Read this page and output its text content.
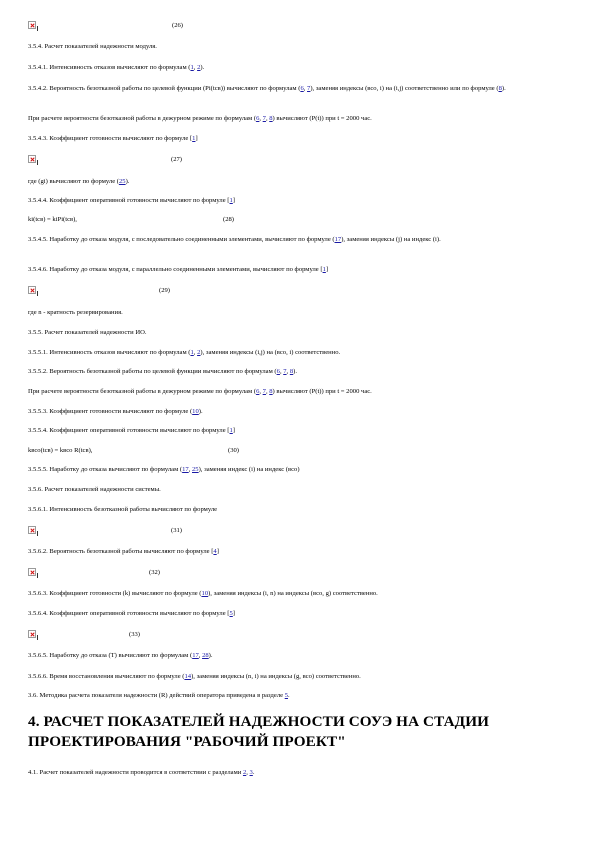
(26)
3.5.4. Расчет показателей надежности модуля.
3.5.4.1. Интенсивность отказов вычисляют по формулам (1, 2).
3.5.4.2. Вероятность безотказной работы по целевой функции (Pi(tcв)) вычисляют по формулам (6, 7), заменяя индексы (всо, i) на (i,j) соответственно или по формуле (8).
При расчете вероятности безотказной работы в дежурном режиме по формулам (6, 7, 8) вычисляют (P(t)) при t = 2000 час.
3.5.4.3. Коэффициент готовности вычисляют по формуле [1]
(27)
где (gi) вычисляют по формуле (25).
3.5.4.4. Коэффициент оперативной готовности вычисляют по формуле [1]
ki(tcв) = kiPi(tcв),	(28)
3.5.4.5. Наработку до отказа модуля, с последовательно соединенными элементами, вычисляют по формуле (17), заменяя индексы (j) на индекс (i).
3.5.4.6. Наработку до отказа модуля, с параллельно соединенными элементами, вычисляют по формуле [1]
(29)
где n - кратность резервирования.
3.5.5. Расчет показателей надежности ИО.
3.5.5.1. Интенсивность отказов вычисляют по формулам (1, 2), заменяя индексы (i,j) на (всо, i) соответственно.
3.5.5.2. Вероятность безотказной работы по целевой функции вычисляют по формулам (6, 7, 8).
При расчете вероятности безотказной работы в дежурном режиме по формулам (6, 7, 8) вычисляют (P(t)) при t = 2000 час.
3.5.5.3. Коэффициент готовности вычисляют по формуле (10).
3.5.5.4. Коэффициент оперативной готовности вычисляют по формуле [1]
kвсо(tcв) = kвсо R(tcв),	(30)
3.5.5.5. Наработку до отказа вычисляют по формулам (17, 25), заменяя индекс (i) на индекс (всо)
3.5.6. Расчет показателей надежности системы.
3.5.6.1. Интенсивность безотказной работы вычисляют по формуле
(31)
3.5.6.2. Вероятность безотказной работы вычисляют по формуле [4]
(32)
3.5.6.3. Коэффициент готовности (k) вычисляют по формуле (10), заменяя индексы (i, n) на индексы (всо, g) соответственно.
3.5.6.4. Коэффициент оперативной готовности вычисляют по формуле [5]
(33)
3.5.6.5. Наработку до отказа (T) вычисляют по формулам (17, 28).
3.5.6.6. Время восстановления вычисляют по формуле (14), заменяя индексы (n, i) на индексы (g, всо) соответственно.
3.6. Методика расчета показателя надежности (R) действий оператора приведена в разделе 5.
4. РАСЧЕТ ПОКАЗАТЕЛЕЙ НАДЕЖНОСТИ СОУЭ НА СТАДИИ ПРОЕКТИРОВАНИЯ "РАБОЧИЙ ПРОЕКТ"
4.1. Расчет показателей надежности проводится в соответствии с разделами 2, 3.
